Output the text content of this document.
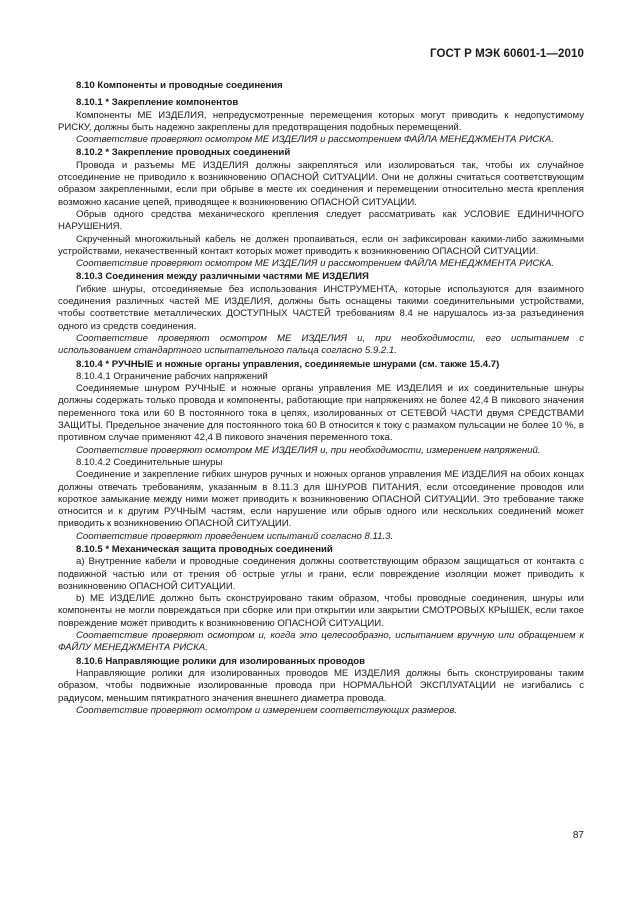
ГОСТ Р МЭК 60601-1—2010

8.10 Компоненты и проводные соединения

8.10.1 * Закрепление компонентов

Компоненты МЕ ИЗДЕЛИЯ, непредусмотренные перемещения которых могут приводить к недопустимому РИСКУ, должны быть надежно закреплены для предотвращения подобных перемещений.

Соответствие проверяют осмотром МЕ ИЗДЕЛИЯ и рассмотрением ФАЙЛА МЕНЕДЖМЕНТА РИСКА.

8.10.2 * Закрепление проводных соединений

Провода и разъемы МЕ ИЗДЕЛИЯ должны закрепляться или изолироваться так, чтобы их случайное отсоединение не приводило к возникновению ОПАСНОЙ СИТУАЦИИ. Они не должны считаться соответствующим образом закрепленными, если при обрыве в месте их соединения и перемещении относительно места крепления возможно касание цепей, приводящее к возникновению ОПАСНОЙ СИТУАЦИИ.

Обрыв одного средства механического крепления следует рассматривать как УСЛОВИЕ ЕДИНИЧНОГО НАРУШЕНИЯ.

Скрученный многожильный кабель не должен пропаиваться, если он зафиксирован какими-либо зажимными устройствами, некачественный контакт которых может приводить к возникновению ОПАСНОЙ СИТУАЦИИ.

Соответствие проверяют осмотром МЕ ИЗДЕЛИЯ и рассмотрением ФАЙЛА МЕНЕДЖМЕНТА РИСКА.

8.10.3 Соединения между различными частями МЕ ИЗДЕЛИЯ

Гибкие шнуры, отсоединяемые без использования ИНСТРУМЕНТА, которые используются для взаимного соединения различных частей МЕ ИЗДЕЛИЯ, должны быть оснащены такими соединительными устройствами, чтобы соответствие металлических ДОСТУПНЫХ ЧАСТЕЙ требованиям 8.4 не нарушалось из-за разъединения одного из средств соединения.

Соответствие проверяют осмотром МЕ ИЗДЕЛИЯ и, при необходимости, его испытанием с использованием стандартного испытательного пальца согласно 5.9.2.1.

8.10.4 * РУЧНЫЕ и ножные органы управления, соединяемые шнурами (см. также 15.4.7)

8.10.4.1 Ограничение рабочих напряжений

Соединяемые шнуром РУЧНЫЕ и ножные органы управления МЕ ИЗДЕЛИЯ и их соединительные шнуры должны содержать только провода и компоненты, работающие при напряжениях не более 42,4 В пикового значения переменного тока или 60 В постоянного тока в цепях, изолированных от СЕТЕВОЙ ЧАСТИ двумя СРЕДСТВАМИ ЗАЩИТЫ. Предельное значение для постоянного тока 60 В относится к току с размахом пульсации не более 10 %, в противном случае применяют 42,4 В пикового значения переменного тока.

Соответствие проверяют осмотром МЕ ИЗДЕЛИЯ и, при необходимости, измерением напряжений.

8.10.4.2 Соединительные шнуры

Соединение и закрепление гибких шнуров ручных и ножных органов управления МЕ ИЗДЕЛИЯ на обоих концах должны отвечать требованиям, указанным в 8.11.3 для ШНУРОВ ПИТАНИЯ, если отсоединение проводов или короткое замыкание между ними может приводить к возникновению ОПАСНОЙ СИТУАЦИИ. Это требование также относится и к другим РУЧНЫМ частям, если нарушение или обрыв одного или нескольких соединений может приводить к возникновению ОПАСНОЙ СИТУАЦИИ.

Соответствие проверяют проведением испытаний согласно 8.11.3.

8.10.5 * Механическая защита проводных соединений

а) Внутренние кабели и проводные соединения должны соответствующим образом защищаться от контакта с подвижной частью или от трения об острые углы и грани, если повреждение изоляции может приводить к возникновению ОПАСНОЙ СИТУАЦИИ.

b) МЕ ИЗДЕЛИЕ должно быть сконструировано таким образом, чтобы проводные соединения, шнуры или компоненты не могли повреждаться при сборке или при открытии или закрытии СМОТРОВЫХ КРЫШЕК, если такое повреждение может приводить к возникновению ОПАСНОЙ СИТУАЦИИ.

Соответствие проверяют осмотром и, когда это целесообразно, испытанием вручную или обращением к ФАЙЛУ МЕНЕДЖМЕНТА РИСКА.

8.10.6 Направляющие ролики для изолированных проводов

Направляющие ролики для изолированных проводов МЕ ИЗДЕЛИЯ должны быть сконструированы таким образом, чтобы подвижные изолированные провода при НОРМАЛЬНОЙ ЭКСПЛУАТАЦИИ не изгибались с радиусом, меньшим пятикратного значения внешнего диаметра провода.

Соответствие проверяют осмотром и измерением соответствующих размеров.

87
